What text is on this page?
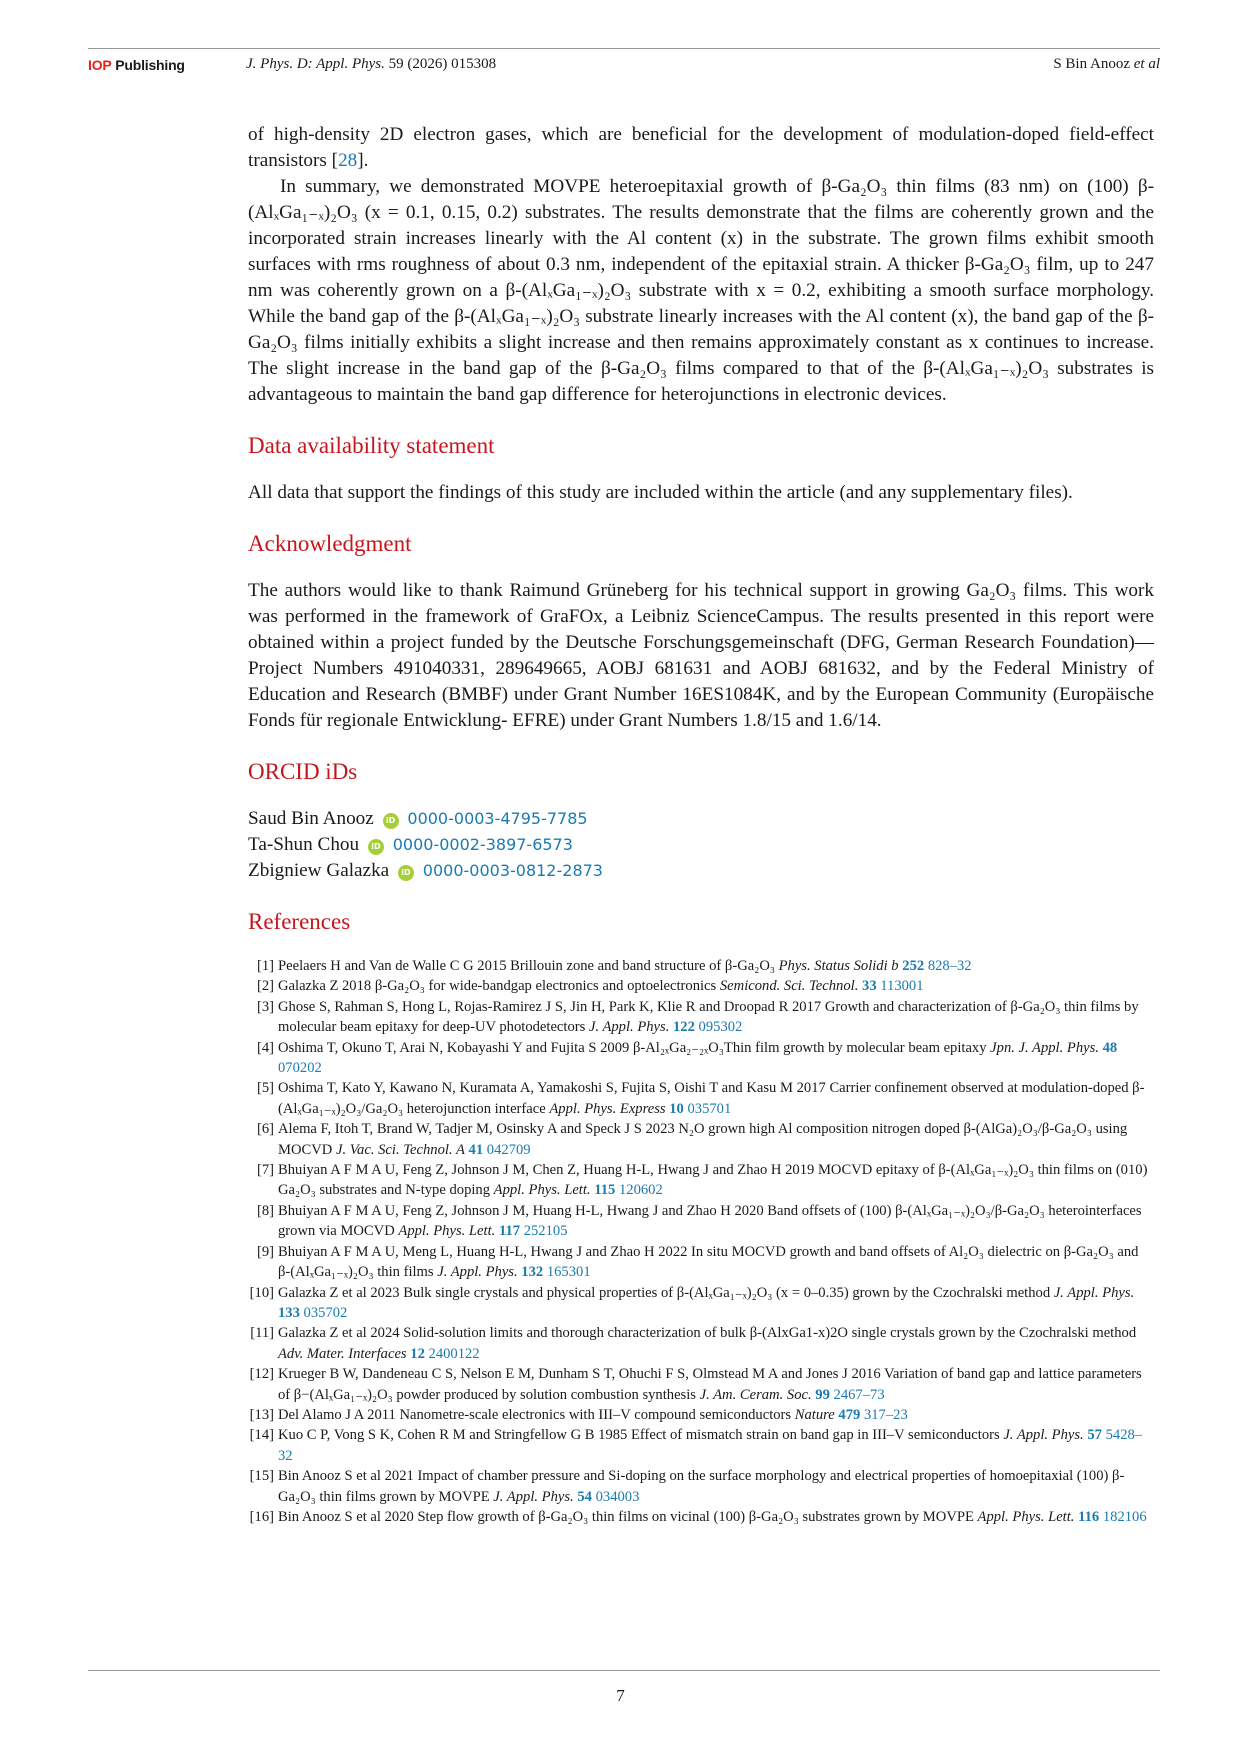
IOP Publishing	J. Phys. D: Appl. Phys. 59 (2026) 015308	S Bin Anooz et al

of high-density 2D electron gases, which are beneficial for the development of modulation-doped field-effect transistors [28].

In summary, we demonstrated MOVPE heteroepitaxial growth of β-Ga₂O₃ thin films (83 nm) on (100) β-(AlₓGa₁₋ₓ)₂O₃ (x = 0.1, 0.15, 0.2) substrates. The results demonstrate that the films are coherently grown and the incorporated strain increases linearly with the Al content (x) in the substrate. The grown films exhibit smooth surfaces with rms roughness of about 0.3 nm, independent of the epitaxial strain. A thicker β-Ga₂O₃ film, up to 247 nm was coherently grown on a β-(AlₓGa₁₋ₓ)₂O₃ substrate with x = 0.2, exhibiting a smooth surface morphology. While the band gap of the β-(AlₓGa₁₋ₓ)₂O₃ substrate linearly increases with the Al content (x), the band gap of the β-Ga₂O₃ films initially exhibits a slight increase and then remains approximately constant as x continues to increase. The slight increase in the band gap of the β-Ga₂O₃ films compared to that of the β-(AlₓGa₁₋ₓ)₂O₃ substrates is advantageous to maintain the band gap difference for heterojunctions in electronic devices.

Data availability statement

All data that support the findings of this study are included within the article (and any supplementary files).

Acknowledgment

The authors would like to thank Raimund Grüneberg for his technical support in growing Ga₂O₃ films. This work was performed in the framework of GraFOx, a Leibniz ScienceCampus. The results presented in this report were obtained within a project funded by the Deutsche Forschungsgemeinschaft (DFG, German Research Foundation)—Project Numbers 491040331, 289649665, AOBJ 681631 and AOBJ 681632, and by the Federal Ministry of Education and Research (BMBF) under Grant Number 16ES1084K, and by the European Community (Europäische Fonds für regionale Entwicklung- EFRE) under Grant Numbers 1.8/15 and 1.6/14.

ORCID iDs
Saud Bin Anooz iD 0000-0003-4795-7785
Ta-Shun Chou iD 0000-0002-3897-6573
Zbigniew Galazka iD 0000-0003-0812-2873
References
[1] Peelaers H and Van de Walle C G 2015 Brillouin zone and band structure of β-Ga₂O₃ Phys. Status Solidi b 252 828–32
[2] Galazka Z 2018 β-Ga₂O₃ for wide-bandgap electronics and optoelectronics Semicond. Sci. Technol. 33 113001
[3] Ghose S, Rahman S, Hong L, Rojas-Ramirez J S, Jin H, Park K, Klie R and Droopad R 2017 Growth and characterization of β-Ga₂O₃ thin films by molecular beam epitaxy for deep-UV photodetectors J. Appl. Phys. 122 095302
[4] Oshima T, Okuno T, Arai N, Kobayashi Y and Fujita S 2009 β-Al₂ₓGa₂₋₂ₓO₃Thin film growth by molecular beam epitaxy Jpn. J. Appl. Phys. 48 070202
[5] Oshima T, Kato Y, Kawano N, Kuramata A, Yamakoshi S, Fujita S, Oishi T and Kasu M 2017 Carrier confinement observed at modulation-doped β-(AlₓGa₁₋ₓ)₂O₃/Ga₂O₃ heterojunction interface Appl. Phys. Express 10 035701
[6] Alema F, Itoh T, Brand W, Tadjer M, Osinsky A and Speck J S 2023 N₂O grown high Al composition nitrogen doped β-(AlGa)₂O₃/β-Ga₂O₃ using MOCVD J. Vac. Sci. Technol. A 41 042709
[7] Bhuiyan A F M A U, Feng Z, Johnson J M, Chen Z, Huang H-L, Hwang J and Zhao H 2019 MOCVD epitaxy of β-(AlₓGa₁₋ₓ)₂O₃ thin films on (010) Ga₂O₃ substrates and N-type doping Appl. Phys. Lett. 115 120602
[8] Bhuiyan A F M A U, Feng Z, Johnson J M, Huang H-L, Hwang J and Zhao H 2020 Band offsets of (100) β-(AlₓGa₁₋ₓ)₂O₃/β-Ga₂O₃ heterointerfaces grown via MOCVD Appl. Phys. Lett. 117 252105
[9] Bhuiyan A F M A U, Meng L, Huang H-L, Hwang J and Zhao H 2022 In situ MOCVD growth and band offsets of Al₂O₃ dielectric on β-Ga₂O₃ and β-(AlₓGa₁₋ₓ)₂O₃ thin films J. Appl. Phys. 132 165301
[10] Galazka Z et al 2023 Bulk single crystals and physical properties of β-(AlₓGa₁₋ₓ)₂O₃ (x = 0–0.35) grown by the Czochralski method J. Appl. Phys. 133 035702
[11] Galazka Z et al 2024 Solid-solution limits and thorough characterization of bulk β-(AlxGa1-x)2O single crystals grown by the Czochralski method Adv. Mater. Interfaces 12 2400122
[12] Krueger B W, Dandeneau C S, Nelson E M, Dunham S T, Ohuchi F S, Olmstead M A and Jones J 2016 Variation of band gap and lattice parameters of β−(AlₓGa₁₋ₓ)₂O₃ powder produced by solution combustion synthesis J. Am. Ceram. Soc. 99 2467–73
[13] Del Alamo J A 2011 Nanometre-scale electronics with III–V compound semiconductors Nature 479 317–23
[14] Kuo C P, Vong S K, Cohen R M and Stringfellow G B 1985 Effect of mismatch strain on band gap in III–V semiconductors J. Appl. Phys. 57 5428–32
[15] Bin Anooz S et al 2021 Impact of chamber pressure and Si-doping on the surface morphology and electrical properties of homoepitaxial (100) β-Ga₂O₃ thin films grown by MOVPE J. Appl. Phys. 54 034003
[16] Bin Anooz S et al 2020 Step flow growth of β-Ga₂O₃ thin films on vicinal (100) β-Ga₂O₃ substrates grown by MOVPE Appl. Phys. Lett. 116 182106
7
